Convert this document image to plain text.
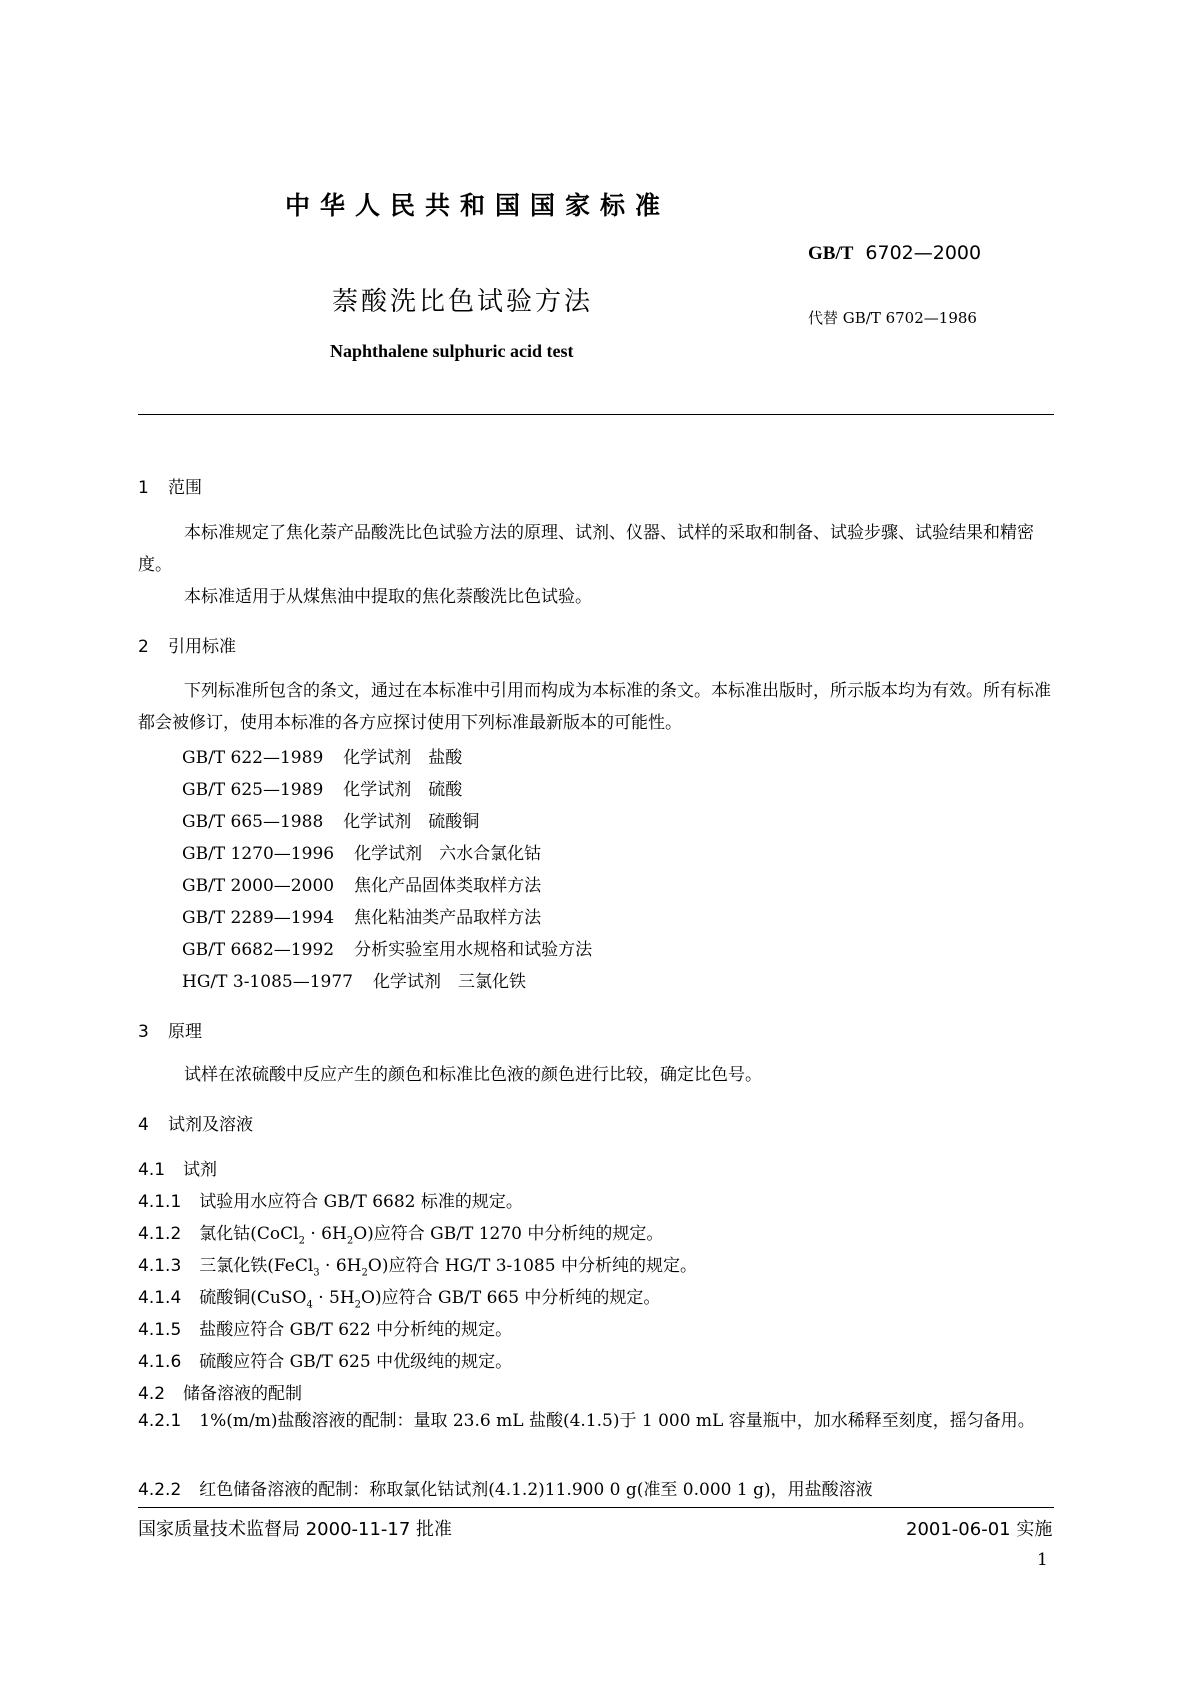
中华人民共和国国家标准
GB/T 6702—2000
萘酸洗比色试验方法
代替 GB/T 6702—1986
Naphthalene sulphuric acid test
1 范围
本标准规定了焦化萘产品酸洗比色试验方法的原理、试剂、仪器、试样的采取和制备、试验步骤、试验结果和精密度。
本标准适用于从煤焦油中提取的焦化萘酸洗比色试验。
2 引用标准
下列标准所包含的条文，通过在本标准中引用而构成为本标准的条文。本标准出版时，所示版本均为有效。所有标准都会被修订，使用本标准的各方应探讨使用下列标准最新版本的可能性。
GB/T 622—1989 化学试剂　盐酸
GB/T 625—1989 化学试剂　硫酸
GB/T 665—1988 化学试剂　硫酸铜
GB/T 1270—1996 化学试剂　六水合氯化钴
GB/T 2000—2000 焦化产品固体类取样方法
GB/T 2289—1994 焦化粘油类产品取样方法
GB/T 6682—1992 分析实验室用水规格和试验方法
HG/T 3-1085—1977 化学试剂　三氯化铁
3 原理
试样在浓硫酸中反应产生的颜色和标准比色液的颜色进行比较，确定比色号。
4 试剂及溶液
4.1 试剂
4.1.1 试验用水应符合 GB/T 6682 标准的规定。
4.1.2 氯化钴(CoCl$_2$ · $6H_2O$)应符合 GB/T 1270 中分析纯的规定。
4.1.3 三氯化铁(FeCl$_3$ · $6H_2O$)应符合 HG/T 3-1085 中分析纯的规定。
4.1.4 硫酸铜(CuSO$_4$ · $5H_2O$)应符合 GB/T 665 中分析纯的规定。
4.1.5 盐酸应符合 GB/T 622 中分析纯的规定。
4.1.6 硫酸应符合 GB/T 625 中优级纯的规定。
4.2 储备溶液的配制
4.2.1 1%(m/m)盐酸溶液的配制：量取 23.6 mL 盐酸(4.1.5)于 1 000 mL 容量瓶中，加水稀释至刻度，摇匀备用。
4.2.2 红色储备溶液的配制：称取氯化钴试剂(4.1.2)11.900 0 g(准至 0.000 1 g)，用盐酸溶液
国家质量技术监督局 2000-11-17 批准	2001-06-01 实施
1
